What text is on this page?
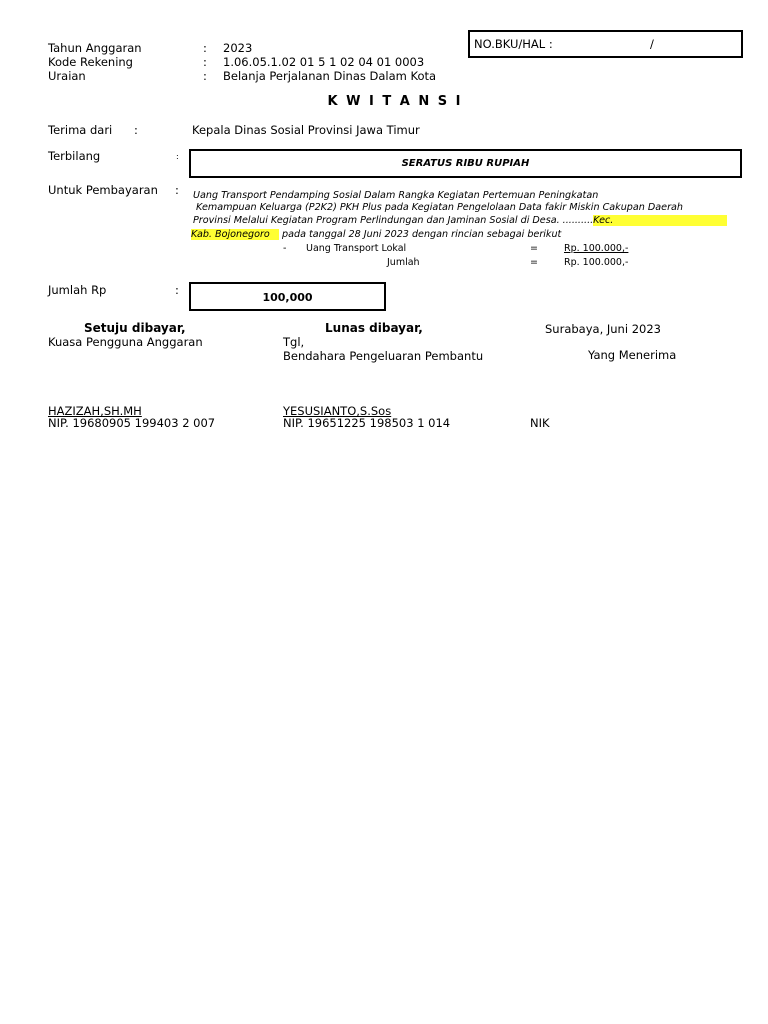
Tahun Anggaran	: 2023
Kode Rekening	: 1.06.05.1.02 01 5 1 02 04 01 0003
Uraian	: Belanja Perjalanan Dinas Dalam Kota
NO.BKU/HAL :	/
K W I T A N S I
Terima dari :	Kepala Dinas Sosial Provinsi Jawa Timur
Terbilang	:
SERATUS RIBU RUPIAH
Untuk Pembayaran : Uang Transport Pendamping Sosial Dalam Rangka Kegiatan Pertemuan Peningkatan
Kemampuan Keluarga (P2K2) PKH Plus pada Kegiatan Pengelolaan Data fakir Miskin Cakupan Daerah
Provinsi Melalui Kegiatan Program Perlindungan dan Jaminan Sosial di Desa. ..........Kec.
Kab. Bojonegoro pada tanggal 28 Juni 2023 dengan rincian sebagai berikut
- Uang Transport Lokal	=	Rp. 100.000,-
Jumlah	=	Rp. 100.000,-
Jumlah Rp	:
100,000
Setuju dibayar,
Kuasa Pengguna Anggaran
Lunas dibayar,
Tgl,
Bendahara Pengeluaran Pembantu
Surabaya, Juni 2023
Yang Menerima
HAZIZAH,SH.MH
NIP. 19680905 199403 2 007
YESUSIANTO,S.Sos
NIP. 19651225 198503 1 014	NIK
